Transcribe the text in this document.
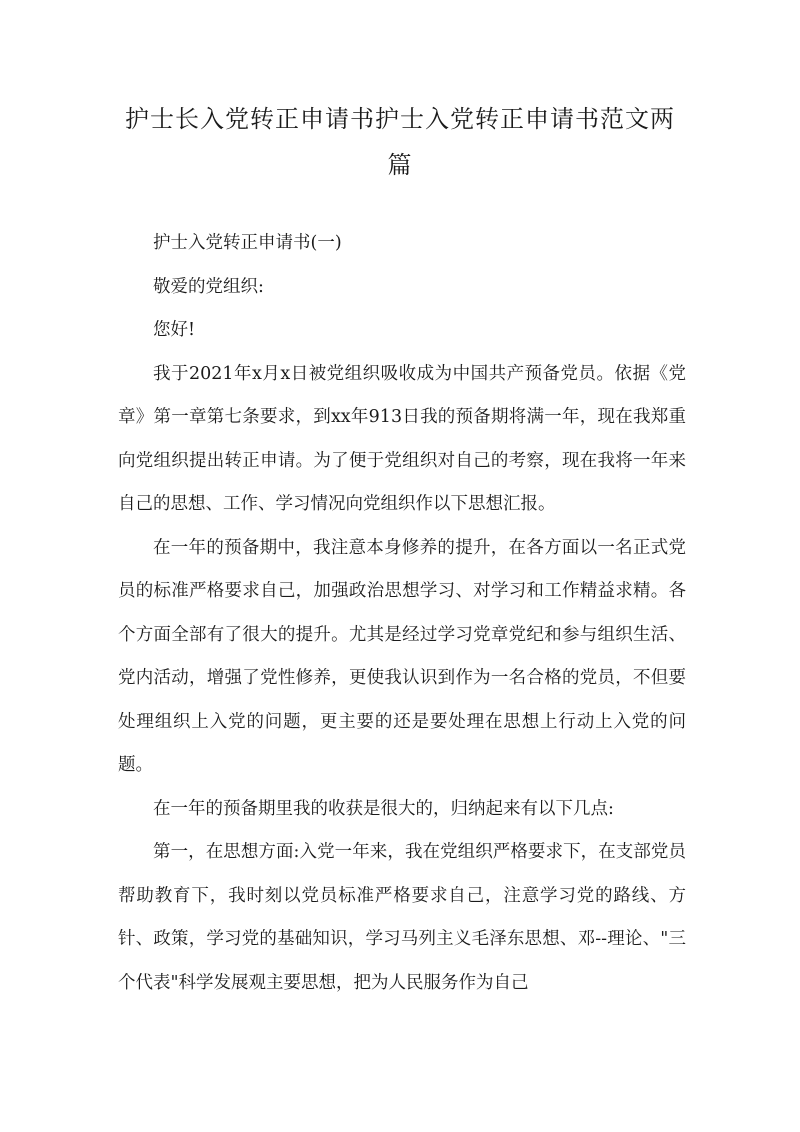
护士长入党转正申请书护士入党转正申请书范文两篇

护士入党转正申请书(一)

敬爱的党组织:

您好!

我于2021年x月x日被党组织吸收成为中国共产预备党员。依据《党章》第一章第七条要求，到xx年913日我的预备期将满一年，现在我郑重向党组织提出转正申请。为了便于党组织对自己的考察，现在我将一年来自己的思想、工作、学习情况向党组织作以下思想汇报。

在一年的预备期中，我注意本身修养的提升，在各方面以一名正式党员的标准严格要求自己，加强政治思想学习、对学习和工作精益求精。各个方面全部有了很大的提升。尤其是经过学习党章党纪和参与组织生活、党内活动，增强了党性修养，更使我认识到作为一名合格的党员，不但要处理组织上入党的问题，更主要的还是要处理在思想上行动上入党的问题。

在一年的预备期里我的收获是很大的，归纳起来有以下几点:

第一，在思想方面:入党一年来，我在党组织严格要求下，在支部党员帮助教育下，我时刻以党员标准严格要求自己，注意学习党的路线、方针、政策，学习党的基础知识，学习马列主义毛泽东思想、邓--理论、"三个代表"科学发展观主要思想，把为人民服务作为自己
